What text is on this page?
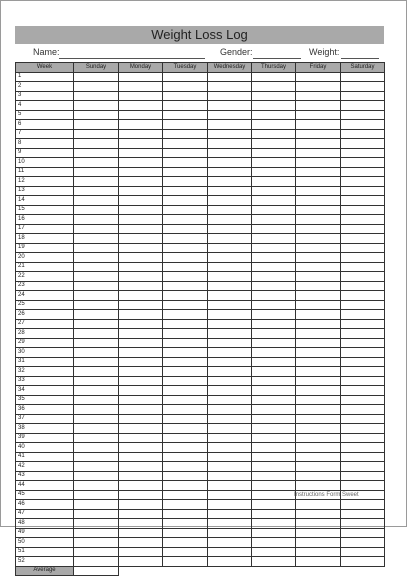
Weight Loss Log
Name:	Gender:	Weight:
Week	Sunday	Monday	Tuesday	Wednesday	Thursday	Friday	Saturday
1							
2							
3							
4							
5							
6							
7							
8							
9							
10							
11							
12							
13							
14							
15							
16							
17							
18							
19							
20							
21							
22							
23							
24							
25							
26							
27							
28							
29							
30							
31							
32							
33							
34							
35							
36							
37							
38							
39							
40							
41							
42							
43							
44							
45							
46							
47							
48							
49							
50							
51							
52							
Average							
Instructions Form Sweet
